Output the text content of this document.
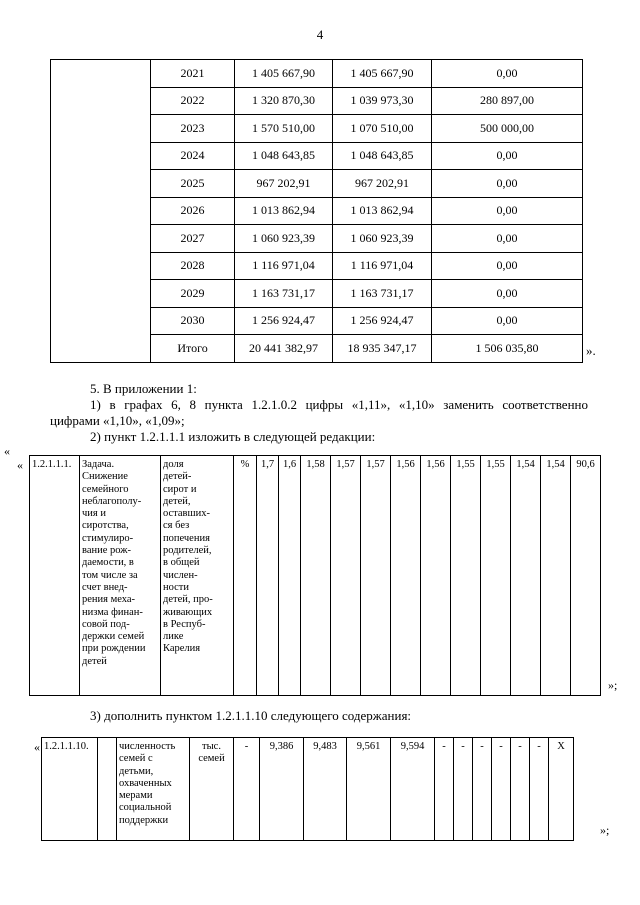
4
	2021	1 405 667,90	1 405 667,90	0,00
	2022	1 320 870,30	1 039 973,30	280 897,00
	2023	1 570 510,00	1 070 510,00	500 000,00
	2024	1 048 643,85	1 048 643,85	0,00
	2025	967 202,91	967 202,91	0,00
	2026	1 013 862,94	1 013 862,94	0,00
	2027	1 060 923,39	1 060 923,39	0,00
	2028	1 116 971,04	1 116 971,04	0,00
	2029	1 163 731,17	1 163 731,17	0,00
	2030	1 256 924,47	1 256 924,47	0,00
	Итого	20 441 382,97	18 935 347,17	1 506 035,80	».
5. В приложении 1:
1) в графах 6, 8 пункта 1.2.1.0.2 цифры «1,11», «1,10» заменить соответственно
цифрами «1,10», «1,09»;
2) пункт 1.2.1.1.1 изложить в следующей редакции:
«
« 1.2.1.1.1.	Задача.
Снижение
семейного
неблагополу-
чия и
сиротства,
стимулиро-
вание рож-
даемости, в
том числе за
счет внед-
рения меха-
низма финан-
совой под-
держки семей
при рождении
детей	доля
детей-
сирот и
детей,
оставших-
ся без
попечения
родителей,
в общей
числен-
ности
детей, про-
живающих
в Респуб-
лике
Карелия	%	1,7	1,6	1,58	1,57	1,57	1,56	1,56	1,55	1,55	1,54	1,54	90,6
»;
3) дополнить пунктом 1.2.1.1.10 следующего содержания:
« 1.2.1.1.10.		численность
семей с
детьми,
охваченных
мерами
социальной
поддержки	тыс.
семей	-	9,386	9,483	9,561	9,594	-	-	-	-	-	-	X
»;
